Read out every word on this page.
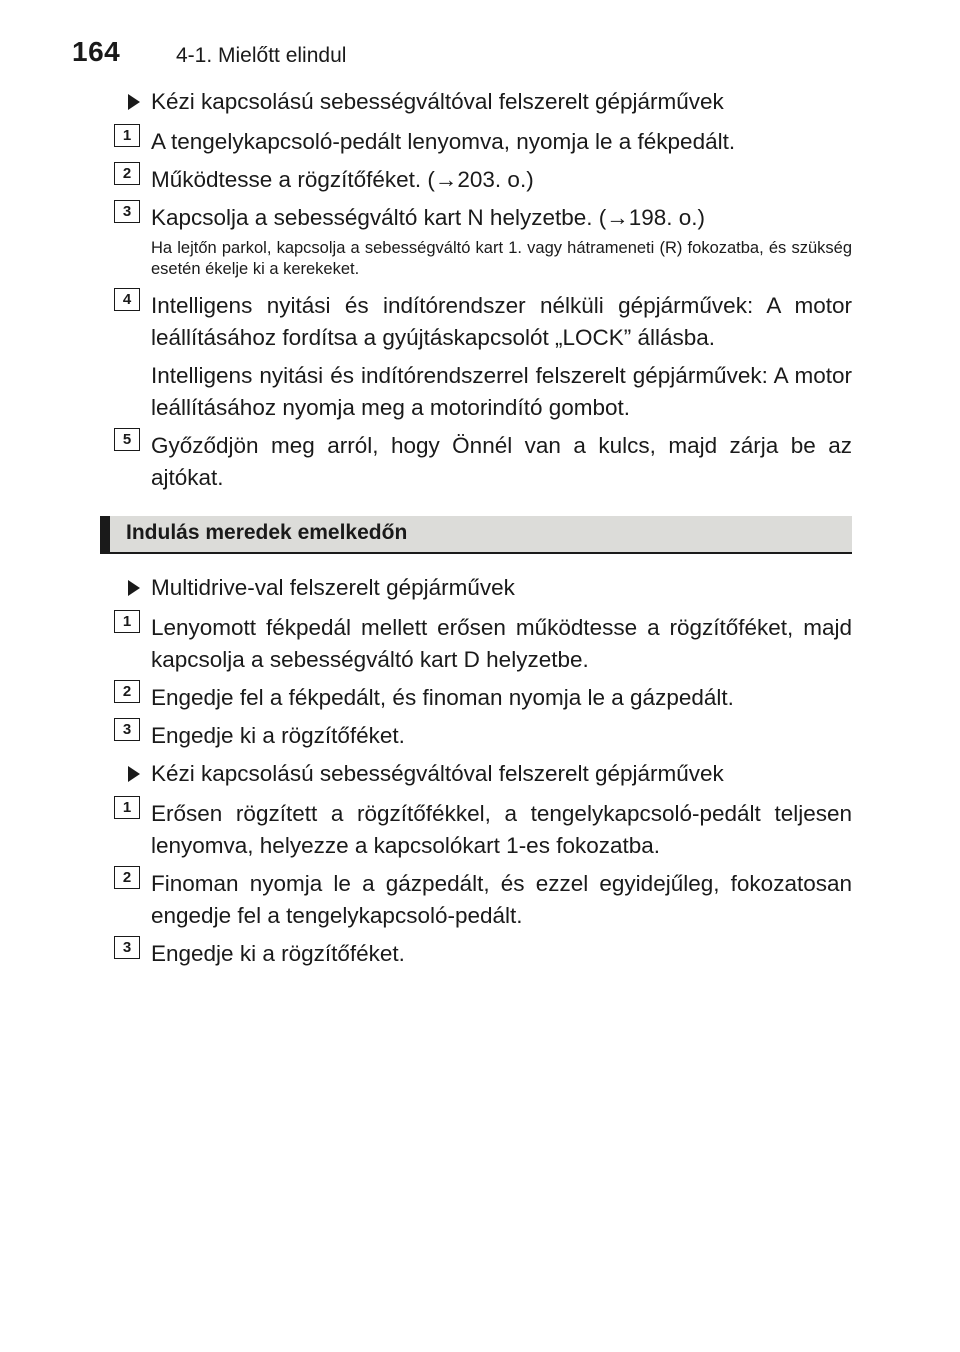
164	4-1. Mielőtt elindul
Kézi kapcsolású sebességváltóval felszerelt gépjárművek
1 A tengelykapcsoló-pedált lenyomva, nyomja le a fékpedált.

2 Működtesse a rögzítőféket. (→203. o.)

3 Kapcsolja a sebességváltó kart N helyzetbe. (→198. o.)

Ha lejtőn parkol, kapcsolja a sebességváltó kart 1. vagy hátrameneti (R) fokozatba, és szükség esetén ékelje ki a kerekeket.
4 Intelligens nyitási és indítórendszer nélküli gépjárművek: A motor leállításához fordítsa a gyújtáskapcsolót „LOCK” állásba.

Intelligens nyitási és indítórendszerrel felszerelt gépjárművek: A motor leállításához nyomja meg a motorindító gombot.

5 Győződjön meg arról, hogy Önnél van a kulcs, majd zárja be az ajtókat.

Indulás meredek emelkedőn
Multidrive-val felszerelt gépjárművek
1 Lenyomott fékpedál mellett erősen működtesse a rögzítőféket, majd kapcsolja a sebességváltó kart D helyzetbe.

2 Engedje fel a fékpedált, és finoman nyomja le a gázpedált.

3 Engedje ki a rögzítőféket.

Kézi kapcsolású sebességváltóval felszerelt gépjárművek
1 Erősen rögzített a rögzítőfékkel, a tengelykapcsoló-pedált teljesen lenyomva, helyezze a kapcsolókart 1-es fokozatba.

2 Finoman nyomja le a gázpedált, és ezzel egyidejűleg, fokozatosan engedje fel a tengelykapcsoló-pedált.

3 Engedje ki a rögzítőféket.
